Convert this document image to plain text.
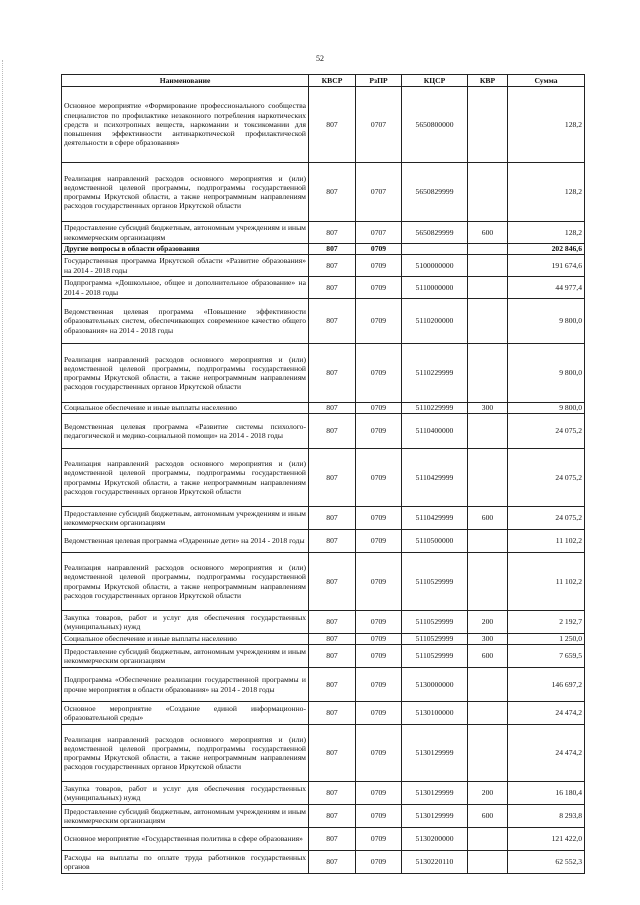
52
Наименование	КВСР	РзПР	КЦСР	КВР	Сумма
Основное мероприятие «Формирование профессионального сообщества специалистов по профилактике незаконного потребления наркотических средств и психотропных веществ, наркомании и токсикомании для повышения эффективности антинаркотической профилактической деятельности в сфере образования»	807	0707	5650800000		128,2
Реализация направлений расходов основного мероприятия и (или) ведомственной целевой программы, подпрограммы государственной программы Иркутской области, а также непрограммным направлениям расходов государственных органов Иркутской области	807	0707	5650829999		128,2
Предоставление субсидий бюджетным, автономным учреждениям и иным некоммерческим организациям	807	0707	5650829999	600	128,2
Другие вопросы в области образования	807	0709			202 846,6
Государственная программа Иркутской области «Развитие образования» на 2014 - 2018 годы	807	0709	5100000000		191 674,6
Подпрограмма «Дошкольное, общее и дополнительное образование» на 2014 - 2018 годы	807	0709	5110000000		44 977,4
Ведомственная целевая программа «Повышение эффективности образовательных систем, обеспечивающих современное качество общего образования» на 2014 - 2018 годы	807	0709	5110200000		9 800,0
Реализация направлений расходов основного мероприятия и (или) ведомственной целевой программы, подпрограммы государственной программы Иркутской области, а также непрограммным направлениям расходов государственных органов Иркутской области	807	0709	5110229999		9 800,0
Социальное обеспечение и иные выплаты населению	807	0709	5110229999	300	9 800,0
Ведомственная целевая программа «Развитие системы психолого-педагогической и медико-социальной помощи» на 2014 - 2018 годы	807	0709	5110400000		24 075,2
Реализация направлений расходов основного мероприятия и (или) ведомственной целевой программы, подпрограммы государственной программы Иркутской области, а также непрограммным направлениям расходов государственных органов Иркутской области	807	0709	5110429999		24 075,2
Предоставление субсидий бюджетным, автономным учреждениям и иным некоммерческим организациям	807	0709	5110429999	600	24 075,2
Ведомственная целевая программа «Одаренные дети» на 2014 - 2018 годы	807	0709	5110500000		11 102,2
Реализация направлений расходов основного мероприятия и (или) ведомственной целевой программы, подпрограммы государственной программы Иркутской области, а также непрограммным направлениям расходов государственных органов Иркутской области	807	0709	5110529999		11 102,2
Закупка товаров, работ и услуг для обеспечения государственных (муниципальных) нужд	807	0709	5110529999	200	2 192,7
Социальное обеспечение и иные выплаты населению	807	0709	5110529999	300	1 250,0
Предоставление субсидий бюджетным, автономным учреждениям и иным некоммерческим организациям	807	0709	5110529999	600	7 659,5
Подпрограмма «Обеспечение реализации государственной программы и прочие мероприятия в области образования» на 2014 - 2018 годы	807	0709	5130000000		146 697,2
Основное мероприятие «Создание единой информационно-образовательной среды»	807	0709	5130100000		24 474,2
Реализация направлений расходов основного мероприятия и (или) ведомственной целевой программы, подпрограммы государственной программы Иркутской области, а также непрограммным направлениям расходов государственных органов Иркутской области	807	0709	5130129999		24 474,2
Закупка товаров, работ и услуг для обеспечения государственных (муниципальных) нужд	807	0709	5130129999	200	16 180,4
Предоставление субсидий бюджетным, автономным учреждениям и иным некоммерческим организациям	807	0709	5130129999	600	8 293,8
Основное мероприятие «Государственная политика в сфере образования»	807	0709	5130200000		121 422,0
Расходы на выплаты по оплате труда работников государственных органов	807	0709	5130220110		62 552,3
